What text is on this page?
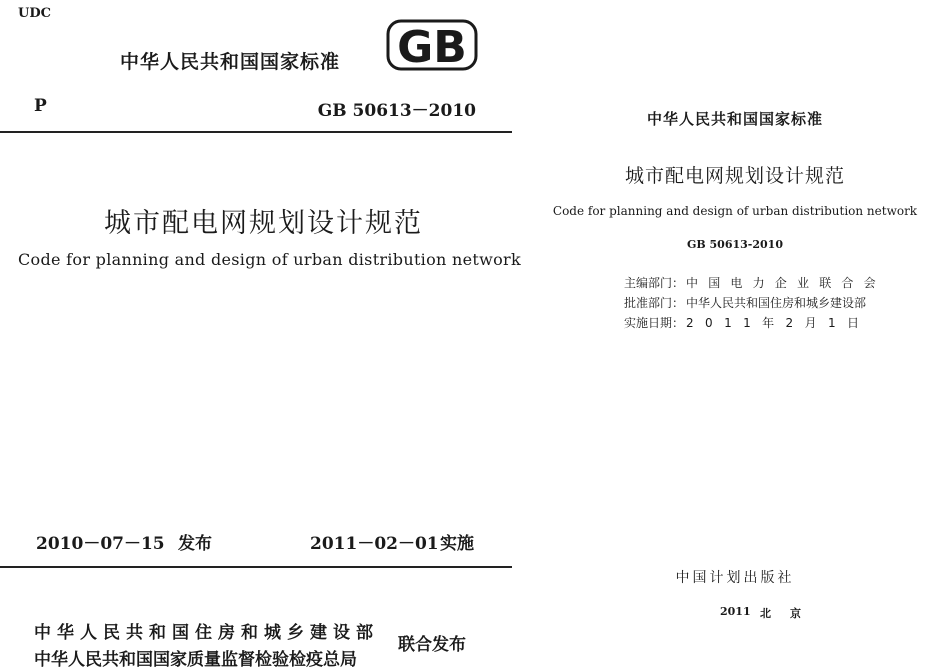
UDC
中华人民共和国国家标准 GB
P	GB 50613－2010
城市配电网规划设计规范
Code for planning and design of urban distribution network
2010－07－15 发布	2011－02－01 实施
中华人民共和国住房和城乡建设部
中华人民共和国国家质量监督检验检疫总局
联合发布
中华人民共和国国家标准
城市配电网规划设计规范
Code for planning and design of urban distribution network
GB 50613-2010
主编部门： 中国电力企业联合会
批准部门： 中华人民共和国住房和城乡建设部
实施日期： 2011年2月1日
中国计划出版社
2011 北　京
